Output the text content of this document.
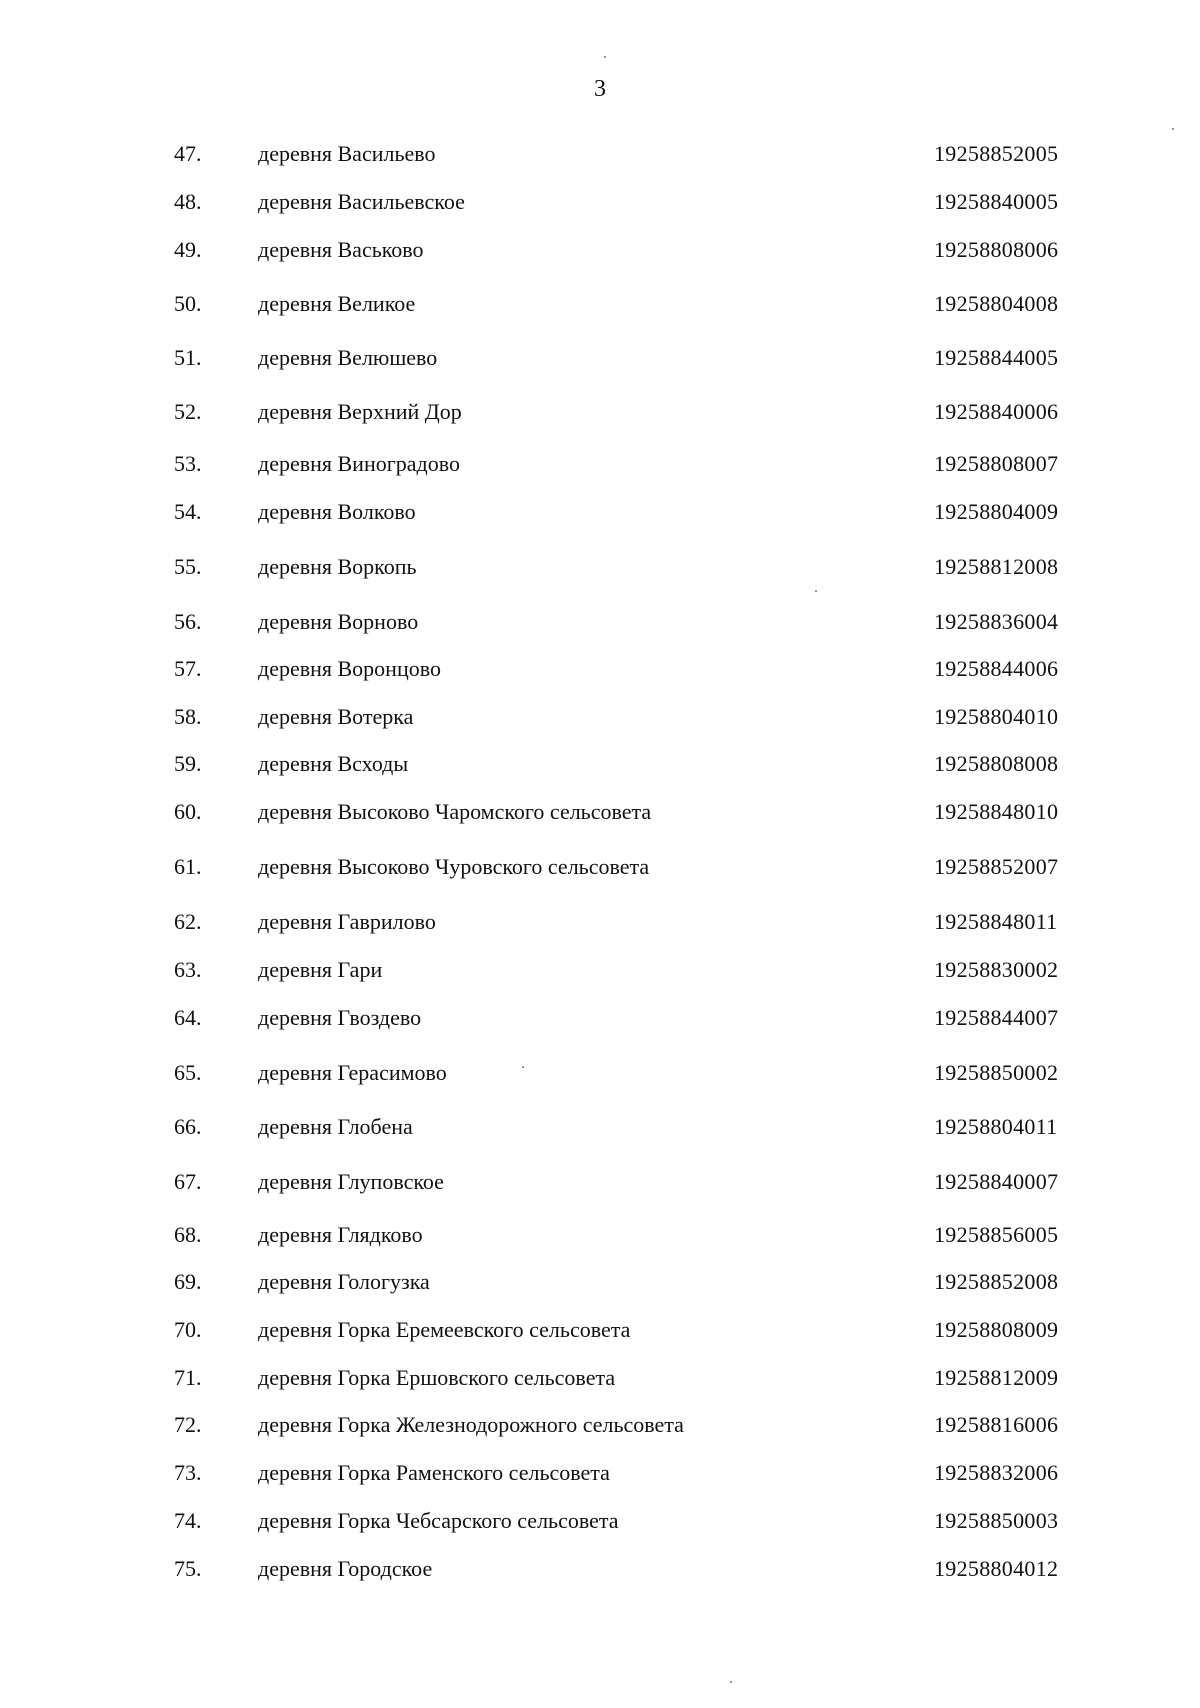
3
47.	деревня Васильево	19258852005
48.	деревня Васильевское	19258840005
49.	деревня Васьково	19258808006
50.	деревня Великое	19258804008
51.	деревня Велюшево	19258844005
52.	деревня Верхний Дор	19258840006
53.	деревня Виноградово	19258808007
54.	деревня Волково	19258804009
55.	деревня Воркопь	19258812008
56.	деревня Ворново	19258836004
57.	деревня Воронцово	19258844006
58.	деревня Вотерка	19258804010
59.	деревня Всходы	19258808008
60.	деревня Высоково Чаромского сельсовета	19258848010
61.	деревня Высоково Чуровского сельсовета	19258852007
62.	деревня Гаврилово	19258848011
63.	деревня Гари	19258830002
64.	деревня Гвоздево	19258844007
65.	деревня Герасимово	19258850002
66.	деревня Глобена	19258804011
67.	деревня Глуповское	19258840007
68.	деревня Глядково	19258856005
69.	деревня Гологузка	19258852008
70.	деревня Горка Еремеевского сельсовета	19258808009
71.	деревня Горка Ершовского сельсовета	19258812009
72.	деревня Горка Железнодорожного сельсовета	19258816006
73.	деревня Горка Раменского сельсовета	19258832006
74.	деревня Горка Чебсарского сельсовета	19258850003
75.	деревня Городское	19258804012
